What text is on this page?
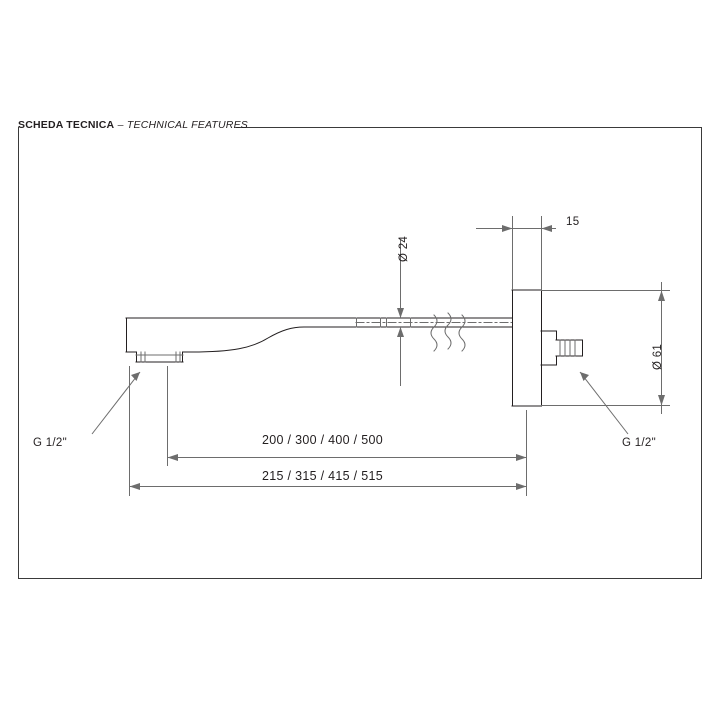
SCHEDA TECNICA – TECHNICAL FEATURES
Ø 24
Ø 61
15
G 1/2"	G 1/2"
200 / 300 / 400 / 500
215 / 315 / 415 / 515
